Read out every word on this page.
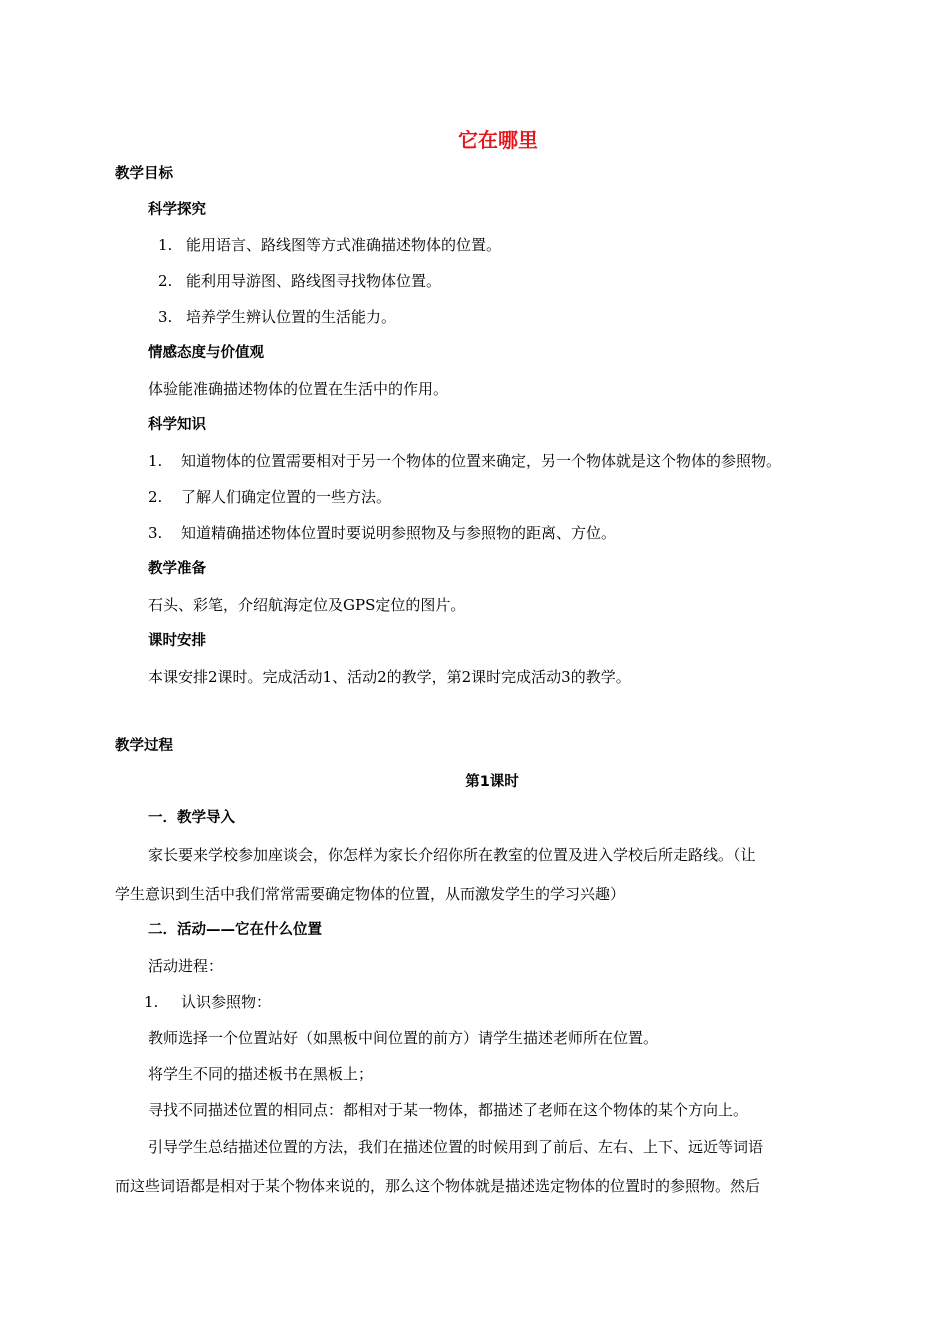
它在哪里
教学目标
科学探究
1. 能用语言、路线图等方式准确描述物体的位置。
2. 能利用导游图、路线图寻找物体位置。
3. 培养学生辨认位置的生活能力。
情感态度与价值观
体验能准确描述物体的位置在生活中的作用。
科学知识
1. 知道物体的位置需要相对于另一个物体的位置来确定，另一个物体就是这个物体的参照物。
2. 了解人们确定位置的一些方法。
3. 知道精确描述物体位置时要说明参照物及与参照物的距离、方位。
教学准备
石头、彩笔，介绍航海定位及GPS定位的图片。
课时安排
本课安排2课时。完成活动1、活动2的教学，第2课时完成活动3的教学。
教学过程
第1课时
一．教学导入
家长要来学校参加座谈会，你怎样为家长介绍你所在教室的位置及进入学校后所走路线。（让
学生意识到生活中我们常常需要确定物体的位置，从而激发学生的学习兴趣）
二．活动——它在什么位置
活动进程：
1. 认识参照物：
教师选择一个位置站好（如黑板中间位置的前方）请学生描述老师所在位置。
将学生不同的描述板书在黑板上；
寻找不同描述位置的相同点：都相对于某一物体，都描述了老师在这个物体的某个方向上。
引导学生总结描述位置的方法，我们在描述位置的时候用到了前后、左右、上下、远近等词语
而这些词语都是相对于某个物体来说的，那么这个物体就是描述选定物体的位置时的参照物。然后
